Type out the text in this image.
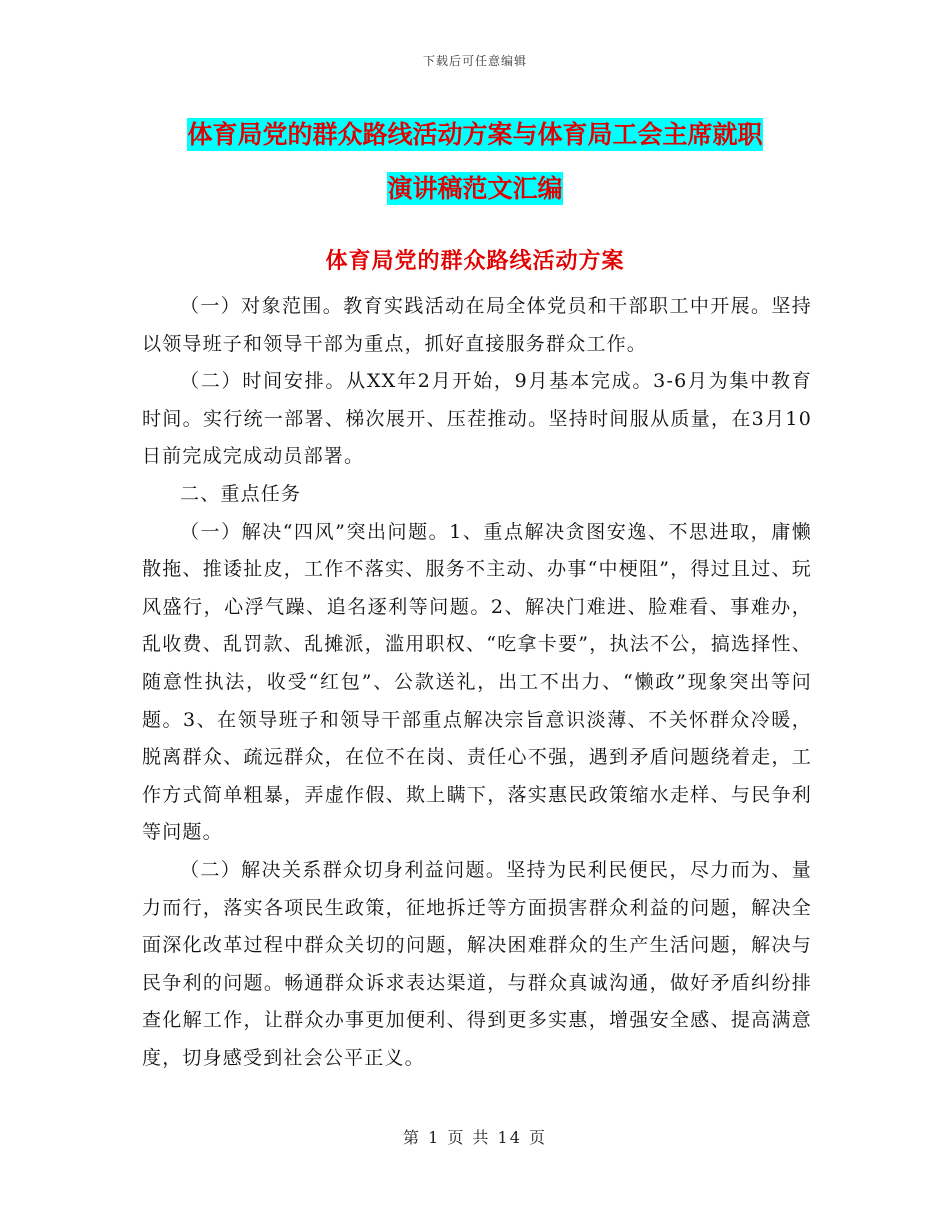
下载后可任意编辑
体育局党的群众路线活动方案与体育局工会主席就职
演讲稿范文汇编
体育局党的群众路线活动方案

（一）对象范围。教育实践活动在局全体党员和干部职工中开展。坚持以领导班子和领导干部为重点，抓好直接服务群众工作。

（二）时间安排。从XX年2月开始，9月基本完成。3-6月为集中教育时间。实行统一部署、梯次展开、压茬推动。坚持时间服从质量，在3月10日前完成完成动员部署。

二、重点任务

（一）解决“四风”突出问题。1、重点解决贪图安逸、不思进取，庸懒散拖、推诿扯皮，工作不落实、服务不主动、办事“中梗阻”，得过且过、玩风盛行，心浮气躁、追名逐利等问题。2、解决门难进、脸难看、事难办，乱收费、乱罚款、乱摊派，滥用职权、“吃拿卡要”，执法不公，搞选择性、随意性执法，收受“红包”、公款送礼，出工不出力、“懒政”现象突出等问题。3、在领导班子和领导干部重点解决宗旨意识淡薄、不关怀群众冷暖，脱离群众、疏远群众，在位不在岗、责任心不强，遇到矛盾问题绕着走，工作方式简单粗暴，弄虚作假、欺上瞒下，落实惠民政策缩水走样、与民争利等问题。

（二）解决关系群众切身利益问题。坚持为民利民便民，尽力而为、量力而行，落实各项民生政策，征地拆迁等方面损害群众利益的问题，解决全面深化改革过程中群众关切的问题，解决困难群众的生产生活问题，解决与民争利的问题。畅通群众诉求表达渠道，与群众真诚沟通，做好矛盾纠纷排查化解工作，让群众办事更加便利、得到更多实惠，增强安全感、提高满意度，切身感受到社会公平正义。

第 1 页 共 14 页
